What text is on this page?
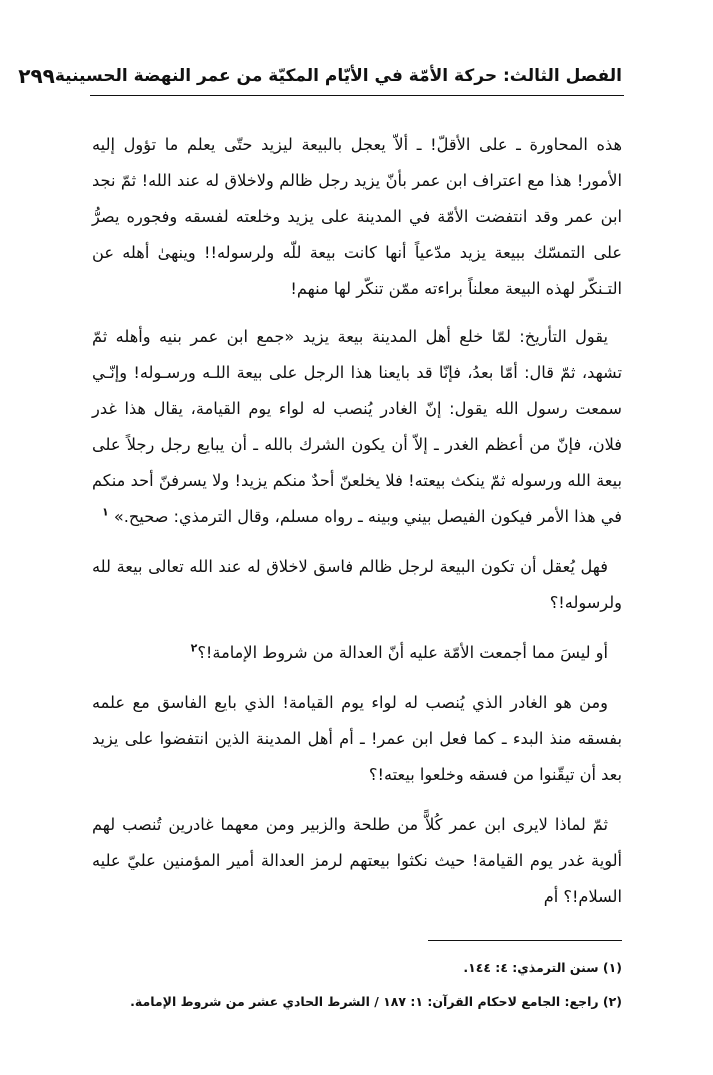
الفصل الثالث: حركة الأمّة في الأيّام المكيّة من عمر النهضة الحسينية
٢٩٩

هذه المحاورة ـ على الأقلّ! ـ ألاّ يعجل بالبيعة ليزيد حتّى يعلم ما تؤول إليه الأمور! هذا مع اعتراف ابن عمر بأنّ يزيد رجل ظالم ولاخلاق له عند الله! ثمّ نجد ابن عمر وقد انتفضت الأمّة في المدينة على يزيد وخلعته لفسقه وفجوره يصرُّ على التمسّك ببيعة يزيد مدّعياً أنها كانت بيعة للّه ولرسوله!! وينهىٰ أهله عن التـنكّر لهذه البيعة معلناً براءته ممّن تنكّر لها منهم!

يقول التأريخ: لمّا خلع أهل المدينة بيعة يزيد «جمع ابن عمر بنيه وأهله ثمّ تشهد، ثمّ قال: أمّا بعدُ، فإنّا قد بايعنا هذا الرجل على بيعة اللـه ورسـوله! وإنّـي سمعت رسول الله يقول: إنّ الغادر يُنصب له لواء يوم القيامة، يقال هذا غدر فلان، فإنّ من أعظم الغدر ـ إلاّ أن يكون الشرك بالله ـ أن يبايع رجل رجلاً على بيعة الله ورسوله ثمّ ينكث بيعته! فلا يخلعنّ أحدٌ منكم يزيد! ولا يسرفنّ أحد منكم في هذا الأمر فيكون الفيصل بيني وبينه ـ رواه مسلم، وقال الترمذي: صحيح.» $^١$

فهل يُعقل أن تكون البيعة لرجل ظالم فاسق لاخلاق له عند الله تعالى بيعة لله ولرسوله!؟

أو ليسَ مما أجمعت الأمّة عليه أنّ العدالة من شروط الإمامة!؟$^٢$

ومن هو الغادر الذي يُنصب له لواء يوم القيامة! الذي بايع الفاسق مع علمه بفسقه منذ البدء ـ كما فعل ابن عمر! ـ أم أهل المدينة الذين انتفضوا على يزيد بعد أن تيقّنوا من فسقه وخلعوا بيعته!؟

ثمّ لماذا لايرى ابن عمر كُلاًّ من طلحة والزبير ومن معهما غادرين تُنصب لهم ألوية غدر يوم القيامة! حيث نكثوا بيعتهم لرمز العدالة أمير المؤمنين عليّ عليه السلام!؟ أم

(١) سنن الترمذي: ٤: ١٤٤.

(٢) راجع: الجامع لاحكام القرآن: ١: ١٨٧ / الشرط الحادي عشر من شروط الإمامة.
